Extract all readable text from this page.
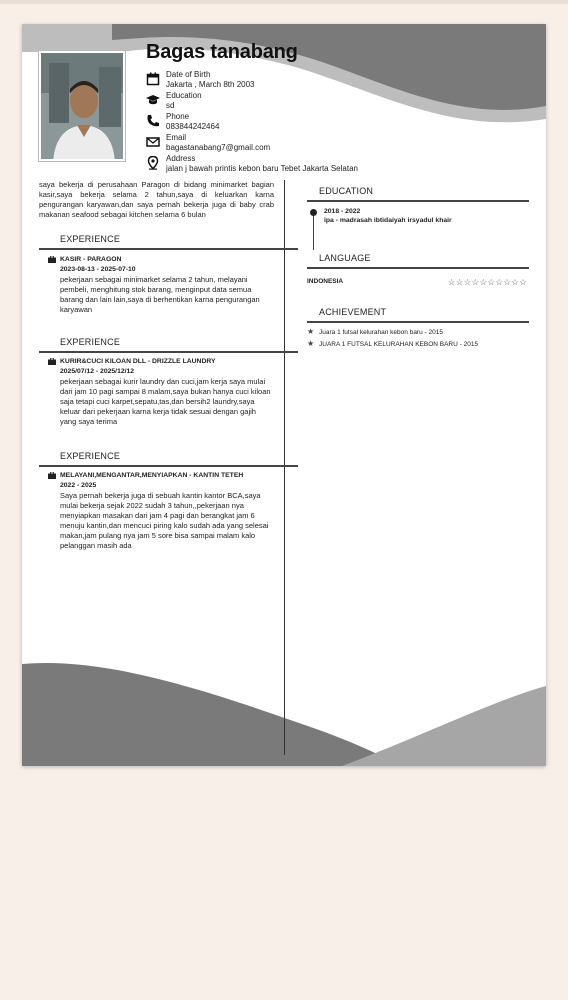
Bagas tanabang
Date of Birth
Jakarta , March 8th 2003
Education
sd
Phone
083844242464
Email
bagastanabang7@gmail.com
Address
jalan j bawah printis kebon baru Tebet Jakarta Selatan
saya bekerja di perusahaan Paragon di bidang minimarket bagian kasir,saya bekerja selama 2 tahun,saya di keluarkan karna pengurangan karyawan,dan saya pernah bekerja juga di baby crab makanan seafood sebagai kitchen selama 6 bulan
EXPERIENCE
KASIR - PARAGON
2023-08-13 - 2025-07-10
pekerjaan sebagai minimarket selama 2 tahun, melayani pembeli, menghitung stok barang, menginput data semua barang dan lain lain,saya di berhentikan karna pengurangan karyawan
EXPERIENCE
KURIR&CUCI KILOAN DLL - DRIZZLE LAUNDRY
2025/07/12 - 2025/12/12
pekerjaan sebagai kurir laundry dan cuci,jam kerja saya mulai dari jam 10 pagi sampai 8 malam,saya bukan hanya cuci kiloan saja tetapi cuci karpet,sepatu,tas,dan bersih2 laundry,saya keluar dari pekerjaan karna kerja tidak sesuai dengan gajih yang saya terima
EXPERIENCE
MELAYANI,MENGANTAR,MENYIAPKAN - KANTIN TETEH
2022 - 2025
Saya pernah bekerja juga di sebuah kantin kantor BCA,saya mulai bekerja sejak 2022 sudah 3 tahun,,pekerjaan nya menyiapkan masakan dari jam 4 pagi dan berangkat jam 6 menuju kantin,dan mencuci piring kalo sudah ada yang selesai makan,jam pulang nya jam 5 sore bisa sampai malam kalo pelanggan masih ada
EDUCATION
2018 - 2022
ipa - madrasah ibtidaiyah irsyadul khair
LANGUAGE
INDONESIA	☆☆☆☆☆☆☆☆☆☆
ACHIEVEMENT
★ Juara 1 futsal kelurahan kebon baru - 2015
★ JUARA 1 FUTSAL KELURAHAN KEBON BARU - 2015
